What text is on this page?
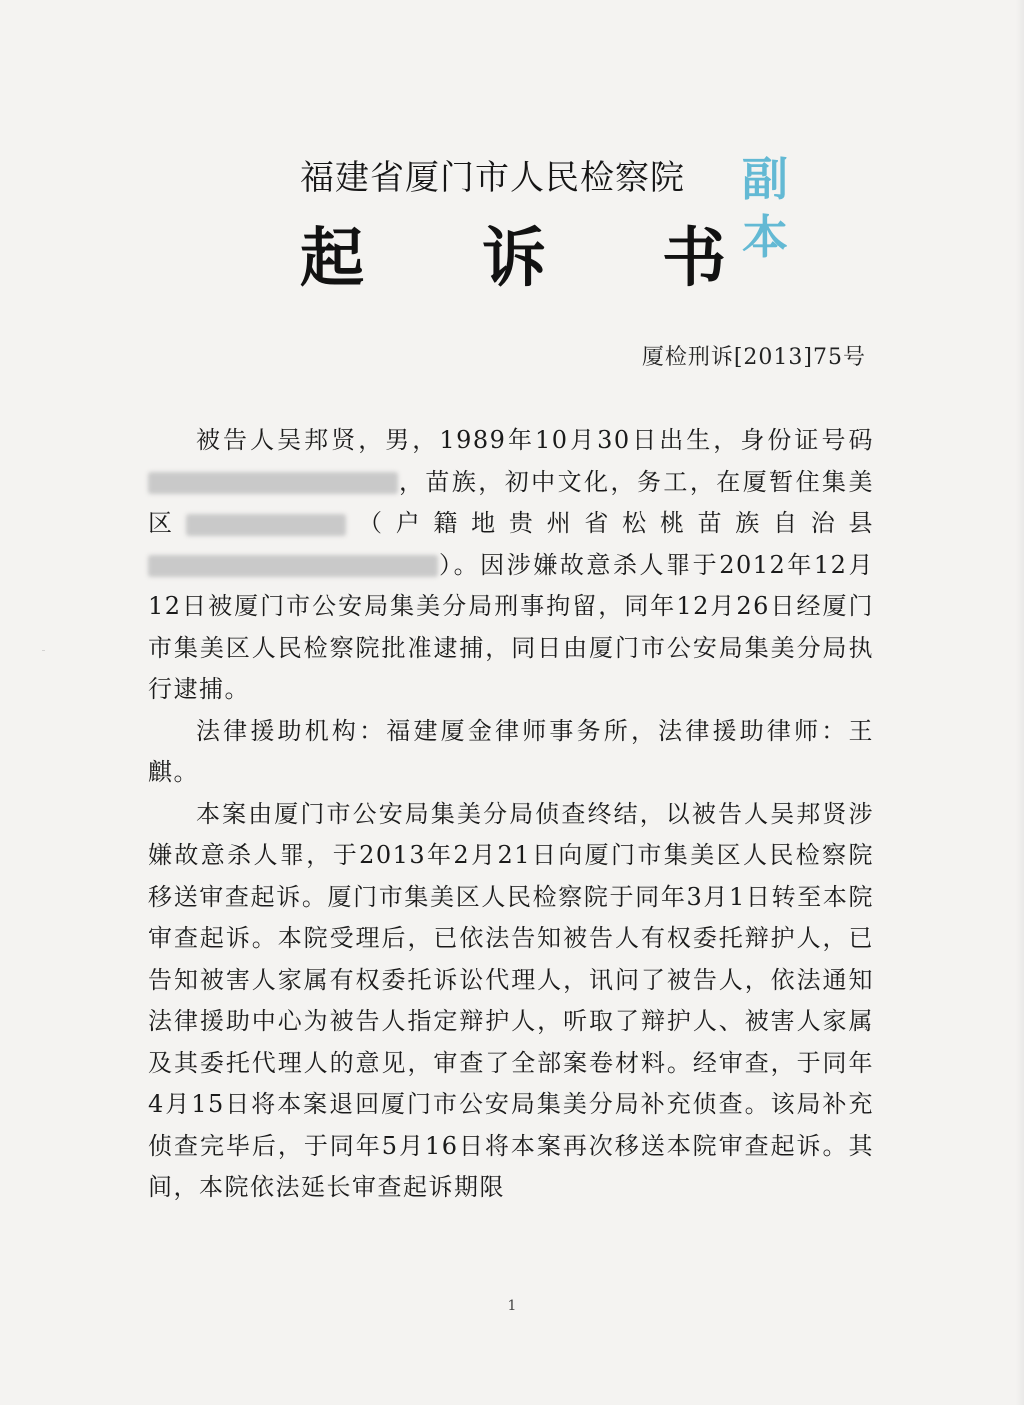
福建省厦门市人民检察院
起 诉 书
副
本
厦检刑诉[2013]75号

被告人吴邦贤，男，1989年10月30日出生，身份证号码，苗族，初中文化，务工，在厦暂住集美区	（户籍地贵州省松桃苗族自治县）。因涉嫌故意杀人罪于2012年12月12日被厦门市公安局集美分局刑事拘留，同年12月26日经厦门市集美区人民检察院批准逮捕，同日由厦门市公安局集美分局执行逮捕。

法律援助机构：福建厦金律师事务所，法律援助律师：王麒。

本案由厦门市公安局集美分局侦查终结，以被告人吴邦贤涉嫌故意杀人罪，于2013年2月21日向厦门市集美区人民检察院移送审查起诉。厦门市集美区人民检察院于同年3月1日转至本院审查起诉。本院受理后，已依法告知被告人有权委托辩护人，已告知被害人家属有权委托诉讼代理人，讯问了被告人，依法通知法律援助中心为被告人指定辩护人，听取了辩护人、被害人家属及其委托代理人的意见，审查了全部案卷材料。经审查，于同年4月15日将本案退回厦门市公安局集美分局补充侦查。该局补充侦查完毕后，于同年5月16日将本案再次移送本院审查起诉。其间，本院依法延长审查起诉期限

1
